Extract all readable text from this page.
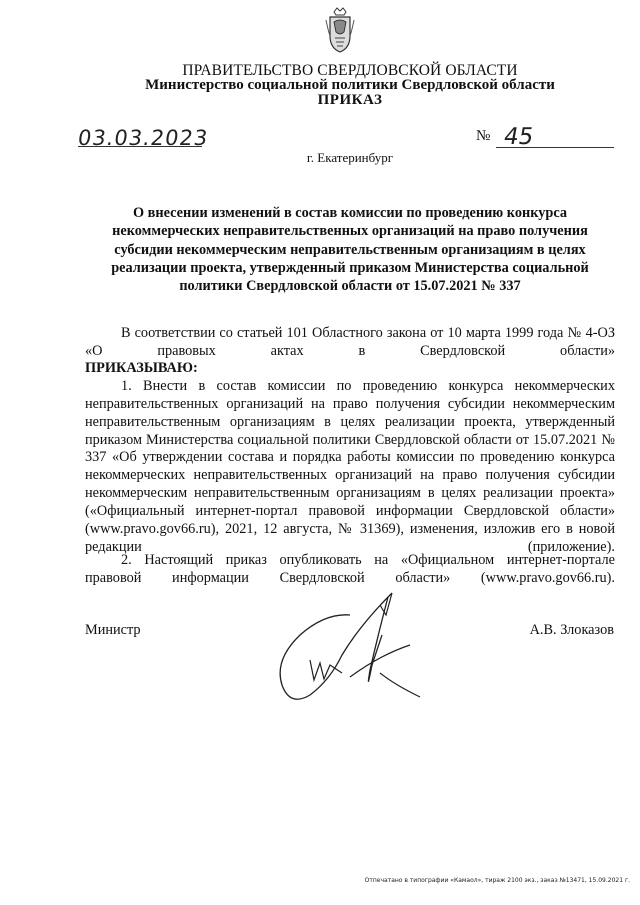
ПРАВИТЕЛЬСТВО СВЕРДЛОВСКОЙ ОБЛАСТИ
Министерство социальной политики Свердловской области
ПРИКАЗ
03.03.2023	№ 45
г. Екатеринбург
О внесении изменений в состав комиссии по проведению конкурса некоммерческих неправительственных организаций на право получения субсидии некоммерческим неправительственным организациям в целях реализации проекта, утвержденный приказом Министерства социальной политики Свердловской области от 15.07.2021 № 337
В соответствии со статьей 101 Областного закона от 10 марта 1999 года № 4-ОЗ «О правовых актах в Свердловской области»
ПРИКАЗЫВАЮ:
1. Внести в состав комиссии по проведению конкурса некоммерческих неправительственных организаций на право получения субсидии некоммерческим неправительственным организациям в целях реализации проекта, утвержденный приказом Министерства социальной политики Свердловской области от 15.07.2021 № 337 «Об утверждении состава и порядка работы комиссии по проведению конкурса некоммерческих неправительственных организаций на право получения субсидии некоммерческим неправительственным организациям в целях реализации проекта» («Официальный интернет-портал правовой информации Свердловской области» (www.pravo.gov66.ru), 2021, 12 августа, № 31369), изменения, изложив его в новой редакции (приложение).
2. Настоящий приказ опубликовать на «Официальном интернет-портале правовой информации Свердловской области» (www.pravo.gov66.ru).
Министр	А.В. Злоказов
Отпечатано в типографии «Камаол», тираж 2100 экз., заказ №13471, 15.09.2021 г.
